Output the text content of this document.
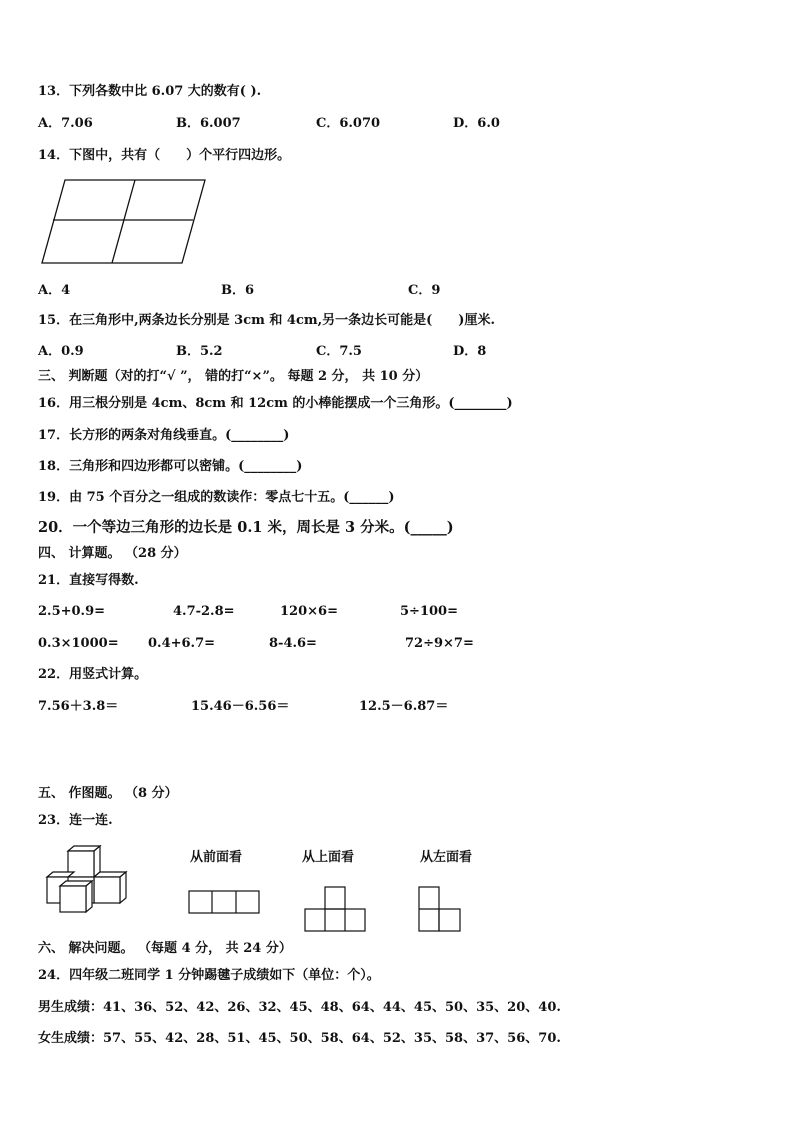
13．下列各数中比 6.07 大的数有( ).
A．7.06	B．6.007	C．6.070	D．6.0
14．下图中，共有（　　）个平行四边形。
A．4	B．6	C．9
15．在三角形中,两条边长分别是 3cm 和 4cm,另一条边长可能是(　　)厘米.
A．0.9	B．5.2	C．7.5	D．8
三、 判断题（对的打“√ ”， 错的打“×”。 每题 2 分， 共 10 分）
16．用三根分别是 4cm、8cm 和 12cm 的小棒能摆成一个三角形。(________)
17．长方形的两条对角线垂直。(________)
18．三角形和四边形都可以密铺。(________)
19．由 75 个百分之一组成的数读作：零点七十五。(______)
20．一个等边三角形的边长是 0.1 米，周长是 3 分米。(_____)
四、 计算题。 （28 分）
21．直接写得数.
2.5+0.9=	4.7-2.8=	120×6=	5÷100=
0.3×1000= 0.4+6.7=	8-4.6=	72÷9×7=
22．用竖式计算。
7.56＋3.8＝	15.46－6.56＝	12.5－6.87＝
五、 作图题。 （8 分）
23．连一连.
从前面看	从上面看	从左面看
六、 解决问题。 （每题 4 分， 共 24 分）
24．四年级二班同学 1 分钟踢毽子成绩如下（单位：个）。
男生成绩：41、36、52、42、26、32、45、48、64、44、45、50、35、20、40.
女生成绩：57、55、42、28、51、45、50、58、64、52、35、58、37、56、70.
